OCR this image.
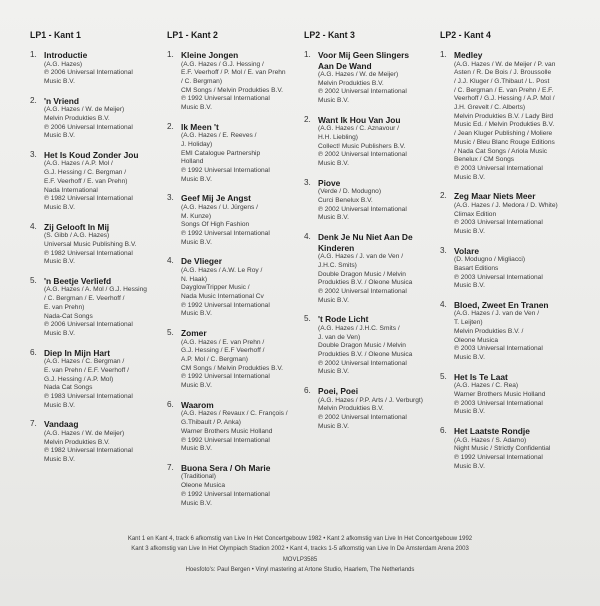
LP1 - Kant 1
1. Introductie
(A.G. Hazes)
℗ 2006 Universal International
Music B.V.
2. 'n Vriend
(A.G. Hazes / W. de Meijer)
Melvin Produkties B.V.
℗ 2006 Universal International
Music B.V.
3. Het Is Koud Zonder Jou
(A.G. Hazes / A.P. Mol /
G.J. Hessing / C. Bergman /
E.F. Veerhoff / E. van Prehn)
Nada International
℗ 1982 Universal International
Music B.V.
4. Zij Gelooft In Mij
(S. Gibb / A.G. Hazes)
Universal Music Publishing B.V.
℗ 1982 Universal International
Music B.V.
5. 'n Beetje Verliefd
(A.G. Hazes / A. Mol / G.J. Hessing
/ C. Bergman / E. Veerhoff /
E. van Prehn)
Nada-Cat Songs
℗ 2006 Universal International
Music B.V.
6. Diep In Mijn Hart
(A.G. Hazes / C. Bergman /
E. van Prehn / E.F. Veerhoff /
G.J. Hessing / A.P. Mol)
Nada Cat Songs
℗ 1983 Universal International
Music B.V.
7. Vandaag
(A.G. Hazes / W. de Meijer)
Melvin Produkties B.V.
℗ 1982 Universal International
Music B.V.
LP1 - Kant 2
1. Kleine Jongen
(A.G. Hazes / G.J. Hessing /
E.F. Veerhoff / P. Mol / E. van Prehn
/ C. Bergman)
CM Songs / Melvin Produkties B.V.
℗ 1992 Universal International
Music B.V.
2. Ik Meen 't
(A.G. Hazes / E. Reeves /
J. Holiday)
EMI Catalogue Partnership
Holland
℗ 1992 Universal International
Music B.V.
3. Geef Mij Je Angst
(A.G. Hazes / U. Jürgens /
M. Kunze)
Songs Of High Fashion
℗ 1992 Universal International
Music B.V.
4. De Vlieger
(A.G. Hazes / A.W. Le Roy /
N. Haak)
DayglowTripper Music /
Nada Music International Cv
℗ 1992 Universal International
Music B.V.
5. Zomer
(A.G. Hazes / E. van Prehn /
G.J. Hessing / E.F Veerhoff /
A.P. Mol / C. Bergman)
CM Songs / Melvin Produkties B.V.
℗ 1992 Universal International
Music B.V.
6. Waarom
(A.G. Hazes / Revaux / C. François /
G.Thibault / P. Anka)
Warner Brothers Music Holland
℗ 1992 Universal International
Music B.V.
7. Buona Sera / Oh Marie
(Traditional)
Oleone Musica
℗ 1992 Universal International
Music B.V.
LP2 - Kant 3
1. Voor Mij Geen Slingers
Aan De Wand
(A.G. Hazes / W. de Meijer)
Melvin Produkties B.V.
℗ 2002 Universal International
Music B.V.
2. Want Ik Hou Van Jou
(A.G. Hazes / C. Aznavour /
H.H. Liebling)
Collect! Music Publishers B.V.
℗ 2002 Universal International
Music B.V.
3. Piove
(Verde / D. Modugno)
Curci Benelux B.V.
℗ 2002 Universal International
Music B.V.
4. Denk Je Nu Niet Aan De
Kinderen
(A.G. Hazes / J. van de Ven /
J.H.C. Smits)
Double Dragon Music / Melvin
Produkties B.V. / Oleone Musica
℗ 2002 Universal International
Music B.V.
5. 't Rode Licht
(A.G. Hazes / J.H.C. Smits /
J. van de Ven)
Double Dragon Music / Melvin
Produkties B.V. / Oleone Musica
℗ 2002 Universal International
Music B.V.
6. Poei, Poei
(A.G. Hazes / P.P. Arts / J. Verburgt)
Melvin Produkties B.V.
℗ 2002 Universal International
Music B.V.
LP2 - Kant 4
1. Medley
(A.G. Hazes / W. de Meijer / P. van
Asten / R. De Bois / J. Broussolle
/ J.J. Kluger / G.Thibaut / L. Post
/ C. Bergman / E. van Prehn / E.F.
Veerhoff / G.J. Hessing / A.P. Mol /
J.H. Grevelt / C. Alberts)
Melvin Produkties B.V. / Lady Bird
Music Ed. / Melvin Produkties B.V.
/ Jean Kluger Publishing / Moliere
Music / Bleu Blanc Rouge Editions
/ Nada Cat Songs / Ariola Music
Benelux / CM Songs
℗ 2003 Universal International
Music B.V.
2. Zeg Maar Niets Meer
(A.G. Hazes / J. Medora / D. White)
Climax Edition
℗ 2003 Universal International
Music B.V.
3. Volare
(D. Modugno / Migliacci)
Basart Editions
℗ 2003 Universal International
Music B.V.
4. Bloed, Zweet En Tranen
(A.G. Hazes / J. van de Ven /
T. Leijten)
Melvin Produkties B.V. /
Oleone Musica
℗ 2003 Universal International
Music B.V.
5. Het Is Te Laat
(A.G. Hazes / C. Rea)
Warner Brothers Music Holland
℗ 2003 Universal International
Music B.V.
6. Het Laatste Rondje
(A.G. Hazes / S. Adamo)
Night Music / Strictly Confidential
℗ 1992 Universal International
Music B.V.
Kant 1 en Kant 4, track 6 afkomstig van Live In Het Concertgebouw 1982 • Kant 2 afkomstig van Live In Het Concertgebouw 1992
Kant 3 afkomstig van Live In Het Olympiach Stadion 2002 • Kant 4, tracks 1-5 afkomstig van Live In De Amsterdam Arena 2003
MOVLP3585
Hoesfoto's: Paul Bergen • Vinyl mastering at Artone Studio, Haarlem, The Netherlands
